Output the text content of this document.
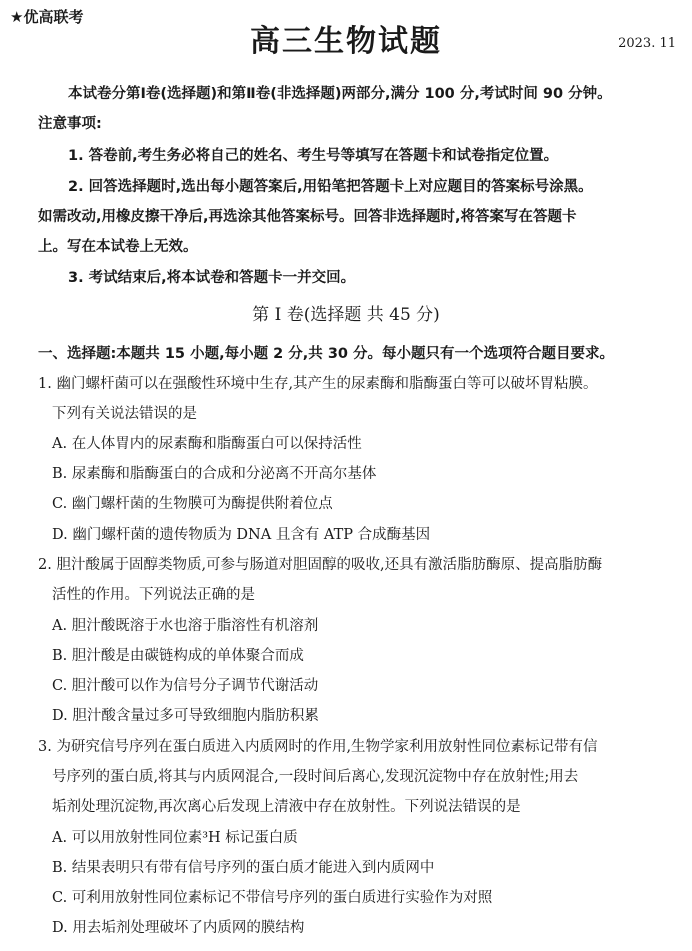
★优高联考
高三生物试题	2023. 11
本试卷分第Ⅰ卷(选择题)和第Ⅱ卷(非选择题)两部分,满分 100 分,考试时间 90 分钟。
注意事项:
1. 答卷前,考生务必将自己的姓名、考生号等填写在答题卡和试卷指定位置。
2. 回答选择题时,选出每小题答案后,用铅笔把答题卡上对应题目的答案标号涂黑。
如需改动,用橡皮擦干净后,再选涂其他答案标号。回答非选择题时,将答案写在答题卡
上。写在本试卷上无效。
3. 考试结束后,将本试卷和答题卡一并交回。
第 Ⅰ 卷(选择题 共 45 分)
一、选择题:本题共 15 小题,每小题 2 分,共 30 分。每小题只有一个选项符合题目要求。
1. 幽门螺杆菌可以在强酸性环境中生存,其产生的尿素酶和脂酶蛋白等可以破坏胃粘膜。
下列有关说法错误的是
A. 在人体胃内的尿素酶和脂酶蛋白可以保持活性
B. 尿素酶和脂酶蛋白的合成和分泌离不开高尔基体
C. 幽门螺杆菌的生物膜可为酶提供附着位点
D. 幽门螺杆菌的遗传物质为 DNA 且含有 ATP 合成酶基因
2. 胆汁酸属于固醇类物质,可参与肠道对胆固醇的吸收,还具有激活脂肪酶原、提高脂肪酶
活性的作用。下列说法正确的是
A. 胆汁酸既溶于水也溶于脂溶性有机溶剂
B. 胆汁酸是由碳链构成的单体聚合而成
C. 胆汁酸可以作为信号分子调节代谢活动
D. 胆汁酸含量过多可导致细胞内脂肪积累
3. 为研究信号序列在蛋白质进入内质网时的作用,生物学家利用放射性同位素标记带有信
号序列的蛋白质,将其与内质网混合,一段时间后离心,发现沉淀物中存在放射性;用去
垢剂处理沉淀物,再次离心后发现上清液中存在放射性。下列说法错误的是
A. 可以用放射性同位素³H 标记蛋白质
B. 结果表明只有带有信号序列的蛋白质才能进入到内质网中
C. 可利用放射性同位素标记不带信号序列的蛋白质进行实验作为对照
D. 用去垢剂处理破坏了内质网的膜结构
